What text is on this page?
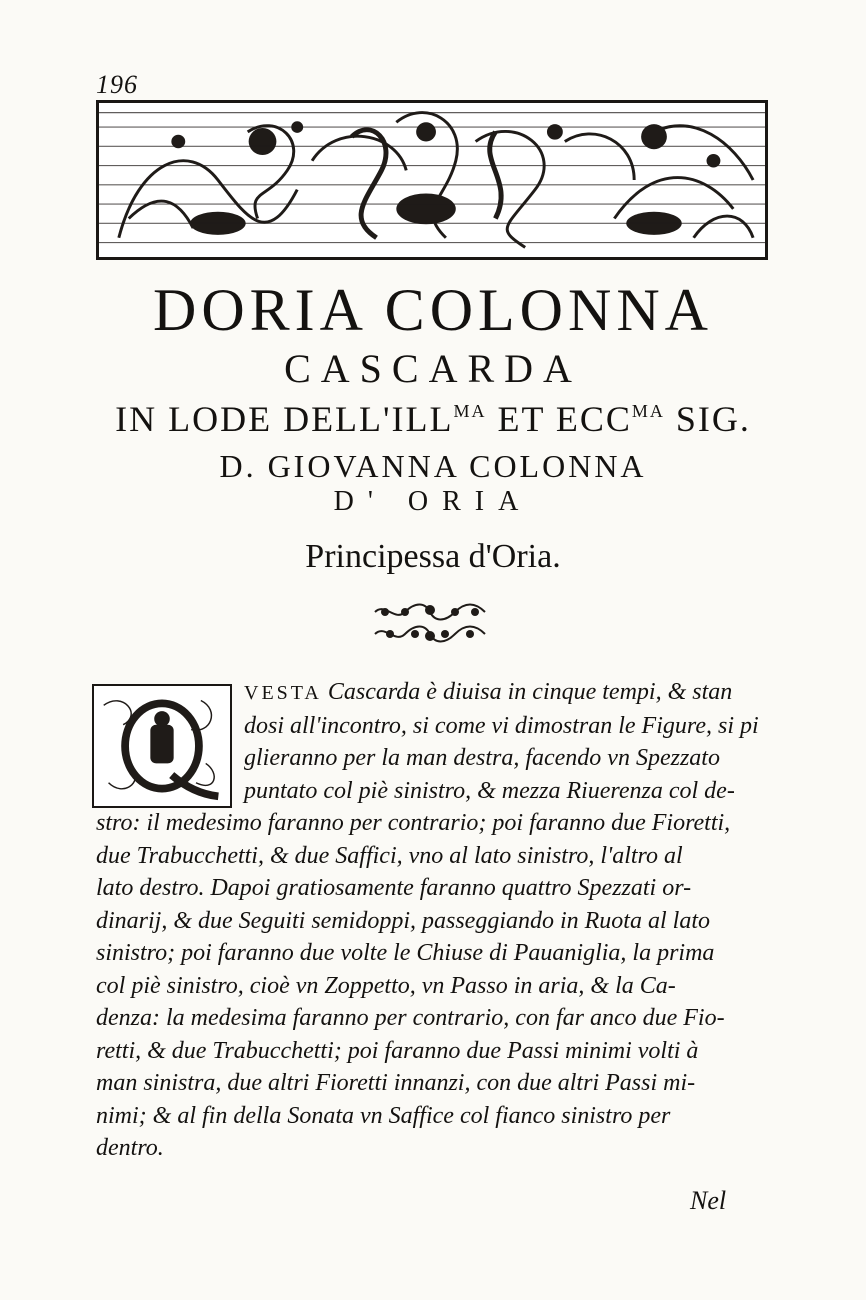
196
DORIA COLONNA
CASCARDA
IN LODE $DELL'ILL^{MA}$ ET $ECC^{MA}$ SIG.
D. GIOVANNA COLONNA
D' ORIA
Principessa d'Oria.
VESTA Cascarda è diuisa in cinque tempi, & stan
dosi all'incontro, si come vi dimostran le Figure, si pi
glieranno per la man destra, facendo vn Spezzato
puntato col piè sinistro, & mezza Riuerenza col de-
stro: il medesimo faranno per contrario; poi faranno due Fioretti,
due Trabucchetti, & due Saffici, vno al lato sinistro, l'altro al
lato destro. Dapoi gratiosamente faranno quattro Spezzati or-
dinarij, & due Seguiti semidoppi, passeggiando in Ruota al lato
sinistro; poi faranno due volte le Chiuse di Pauaniglia, la prima
col piè sinistro, cioè vn Zoppetto, vn Passo in aria, & la Ca-
denza: la medesima faranno per contrario, con far anco due Fio-
retti, & due Trabucchetti; poi faranno due Passi minimi volti à
man sinistra, due altri Fioretti innanzi, con due altri Passi mi-
nimi; & al fin della Sonata vn Saffice col fianco sinistro per
dentro.
Nel
